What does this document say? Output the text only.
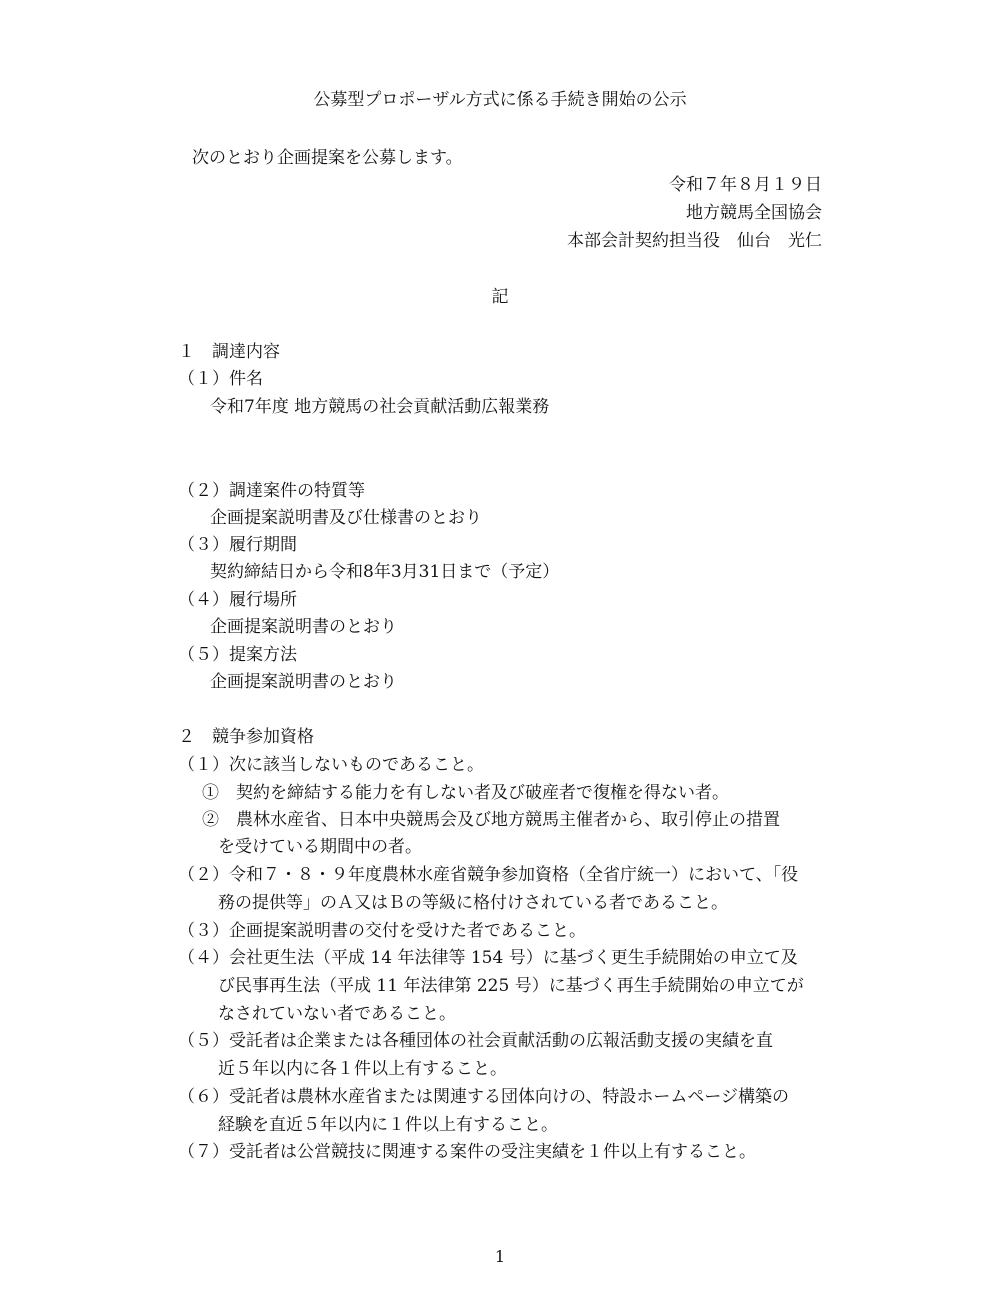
公募型プロポーザル方式に係る手続き開始の公示
次のとおり企画提案を公募します。
令和７年８月１９日
地方競馬全国協会
本部会計契約担当役　仙台　光仁
記
１　調達内容
（１）件名
令和7年度 地方競馬の社会貢献活動広報業務
（２）調達案件の特質等
企画提案説明書及び仕様書のとおり
（３）履行期間
契約締結日から令和8年3月31日まで（予定）
（４）履行場所
企画提案説明書のとおり
（５）提案方法
企画提案説明書のとおり
２　競争参加資格
（１）次に該当しないものであること。
①　契約を締結する能力を有しない者及び破産者で復権を得ない者。
②　農林水産省、日本中央競馬会及び地方競馬主催者から、取引停止の措置
を受けている期間中の者。
（２）令和７・８・９年度農林水産省競争参加資格（全省庁統一）において、「役
務の提供等」のＡ又はＢの等級に格付けされている者であること。
（３）企画提案説明書の交付を受けた者であること。
（４）会社更生法（平成 14 年法律等 154 号）に基づく更生手続開始の申立て及
び民事再生法（平成 11 年法律第 225 号）に基づく再生手続開始の申立てが
なされていない者であること。
（５）受託者は企業または各種団体の社会貢献活動の広報活動支援の実績を直
近５年以内に各１件以上有すること。
（６）受託者は農林水産省または関連する団体向けの、特設ホームページ構築の
経験を直近５年以内に１件以上有すること。
（７）受託者は公営競技に関連する案件の受注実績を１件以上有すること。
1
